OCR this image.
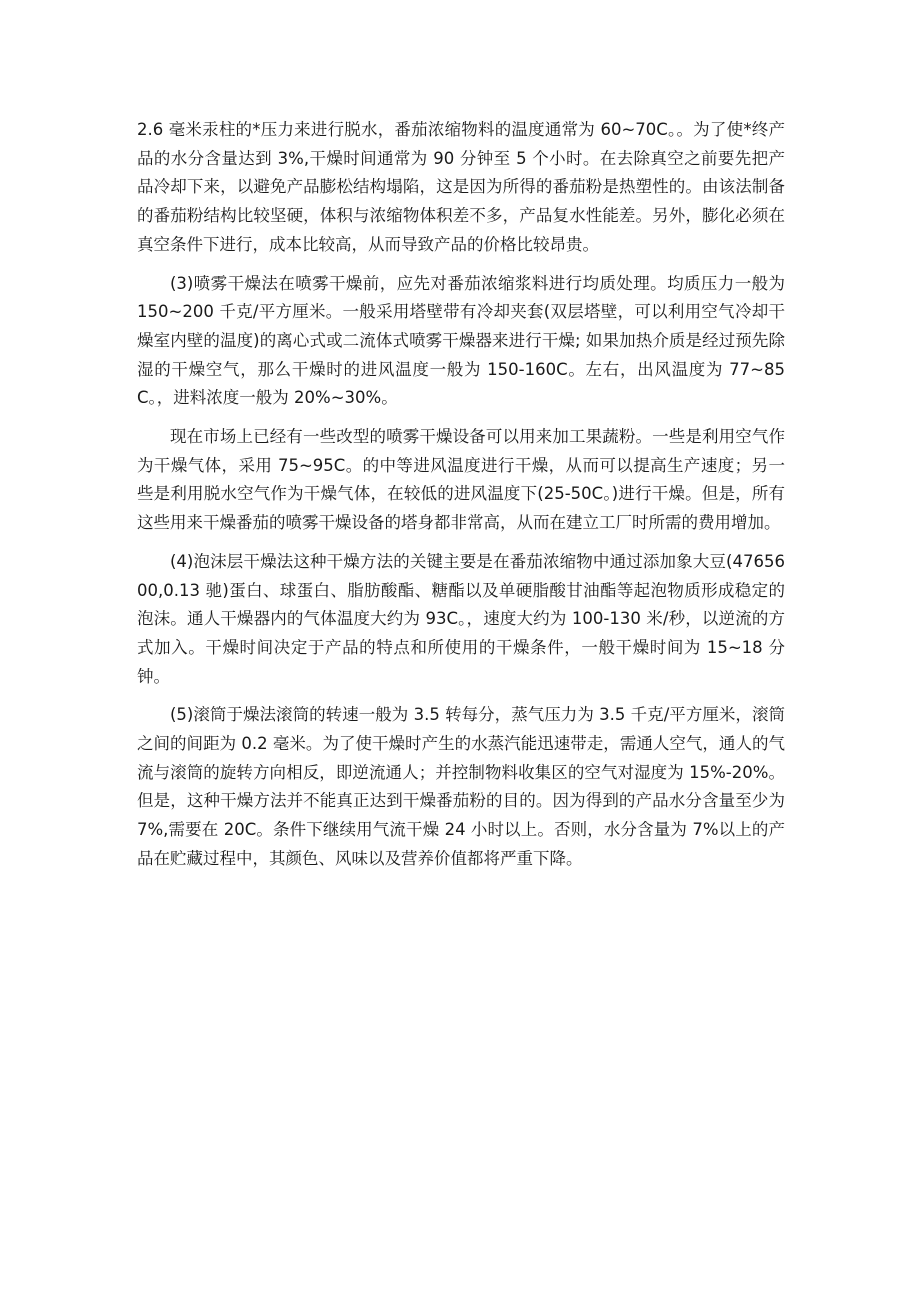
2.6 毫米汞柱的*压力来进行脱水，番茄浓缩物料的温度通常为 60~70C。。为了使*终产品的水分含量达到 3%,干燥时间通常为 90 分钟至 5 个小时。在去除真空之前要先把产品冷却下来，以避免产品膨松结构塌陷，这是因为所得的番茄粉是热塑性的。由该法制备的番茄粉结构比较坚硬，体积与浓缩物体积差不多，产品复水性能差。另外，膨化必须在真空条件下进行，成本比较高，从而导致产品的价格比较昂贵。

(3)喷雾干燥法在喷雾干燥前，应先对番茄浓缩浆料进行均质处理。均质压力一般为 150~200 千克/平方厘米。一般采用塔壁带有冷却夹套(双层塔壁，可以利用空气冷却干燥室内壁的温度)的离心式或二流体式喷雾干燥器来进行干燥; 如果加热介质是经过预先除湿的干燥空气，那么干燥时的进风温度一般为 150-160C。左右，出风温度为 77~85C。，进料浓度一般为 20%~30%。

现在市场上已经有一些改型的喷雾干燥设备可以用来加工果蔬粉。一些是利用空气作为干燥气体，采用 75~95C。的中等进风温度进行干燥，从而可以提高生产速度；另一些是利用脱水空气作为干燥气体，在较低的进风温度下(25-50C。)进行干燥。但是，所有这些用来干燥番茄的喷雾干燥设备的塔身都非常高，从而在建立工厂时所需的费用增加。

(4)泡沫层干燥法这种干燥方法的关键主要是在番茄浓缩物中通过添加象大豆(4765600,0.13 驰)蛋白、球蛋白、脂肪酸酯、糖酯以及单硬脂酸甘油酯等起泡物质形成稳定的泡沫。通人干燥器内的气体温度大约为 93C。，速度大约为 100-130 米/秒，以逆流的方式加入。干燥时间决定于产品的特点和所使用的干燥条件，一般干燥时间为 15~18 分钟。

(5)滚筒于燥法滚筒的转速一般为 3.5 转每分，蒸气压力为 3.5 千克/平方厘米，滚筒之间的间距为 0.2 毫米。为了使干燥时产生的水蒸汽能迅速带走，需通人空气，通人的气流与滚筒的旋转方向相反，即逆流通人；并控制物料收集区的空气对湿度为 15%-20%。但是，这种干燥方法并不能真正达到干燥番茄粉的目的。因为得到的产品水分含量至少为 7%,需要在 20C。条件下继续用气流干燥 24 小时以上。否则，水分含量为 7%以上的产品在贮藏过程中，其颜色、风味以及营养价值都将严重下降。
